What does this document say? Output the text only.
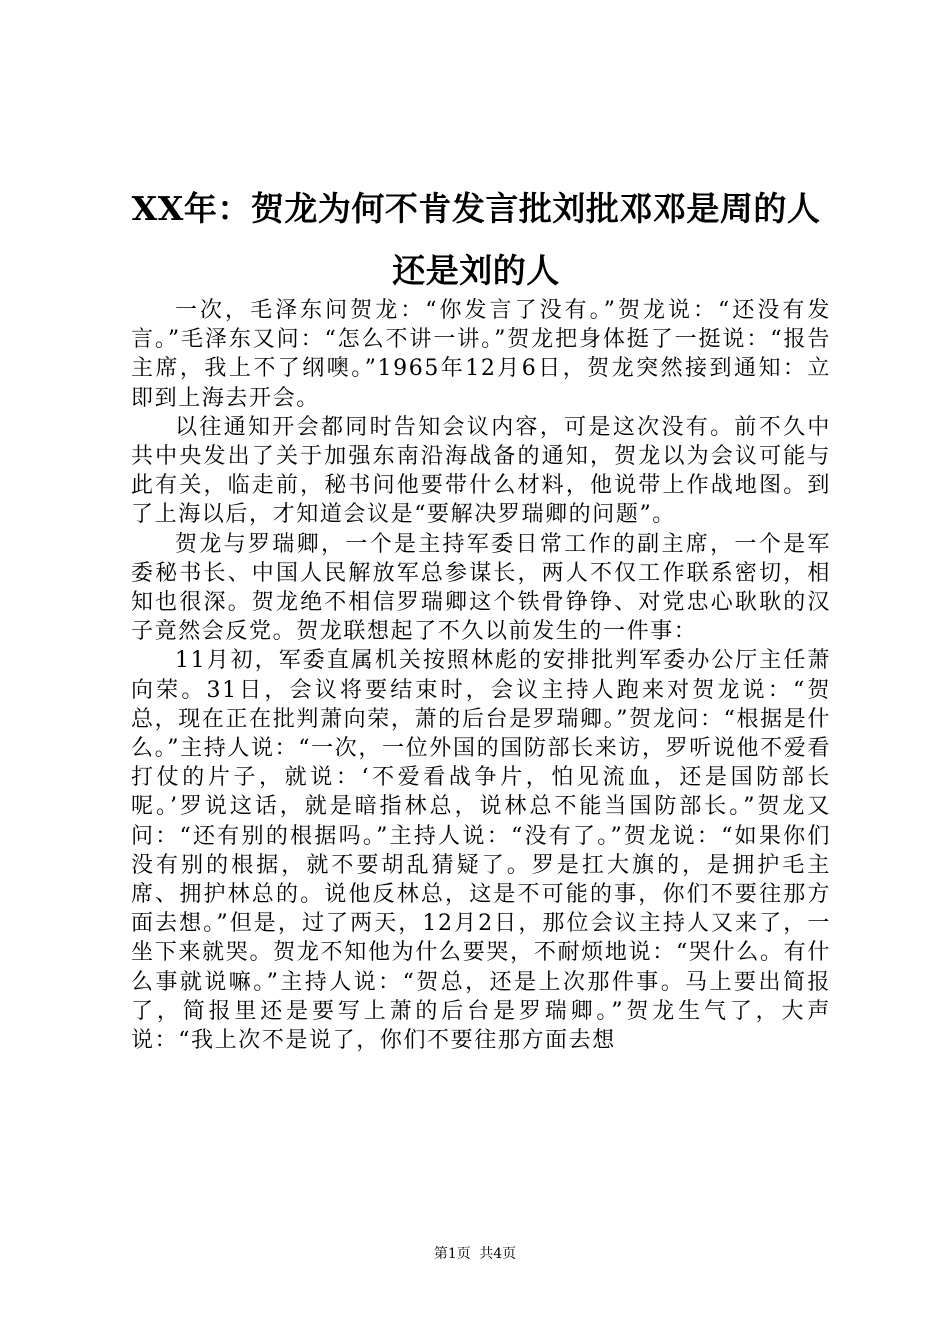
XX年：贺龙为何不肯发言批刘批邓邓是周的人还是刘的人

一次，毛泽东问贺龙：“你发言了没有。”贺龙说：“还没有发言。”毛泽东又问：“怎么不讲一讲。”贺龙把身体挺了一挺说：“报告主席，我上不了纲噢。”1965年12月6日，贺龙突然接到通知：立即到上海去开会。

以往通知开会都同时告知会议内容，可是这次没有。前不久中共中央发出了关于加强东南沿海战备的通知，贺龙以为会议可能与此有关，临走前，秘书问他要带什么材料，他说带上作战地图。到了上海以后，才知道会议是“要解决罗瑞卿的问题”。

贺龙与罗瑞卿，一个是主持军委日常工作的副主席，一个是军委秘书长、中国人民解放军总参谋长，两人不仅工作联系密切，相知也很深。贺龙绝不相信罗瑞卿这个铁骨铮铮、对党忠心耿耿的汉子竟然会反党。贺龙联想起了不久以前发生的一件事：

11月初，军委直属机关按照林彪的安排批判军委办公厅主任萧向荣。31日，会议将要结束时，会议主持人跑来对贺龙说：“贺总，现在正在批判萧向荣，萧的后台是罗瑞卿。”贺龙问：“根据是什么。”主持人说：“一次，一位外国的国防部长来访，罗听说他不爱看打仗的片子，就说：‘不爱看战争片，怕见流血，还是国防部长呢。’罗说这话，就是暗指林总，说林总不能当国防部长。”贺龙又问：“还有别的根据吗。”主持人说：“没有了。”贺龙说：“如果你们没有别的根据，就不要胡乱猜疑了。罗是扛大旗的，是拥护毛主席、拥护林总的。说他反林总，这是不可能的事，你们不要往那方面去想。”但是，过了两天，12月2日，那位会议主持人又来了，一坐下来就哭。贺龙不知他为什么要哭，不耐烦地说：“哭什么。有什么事就说嘛。”主持人说：“贺总，还是上次那件事。马上要出简报了，简报里还是要写上萧的后台是罗瑞卿。”贺龙生气了，大声说：“我上次不是说了，你们不要往那方面去想

第1页 共4页
